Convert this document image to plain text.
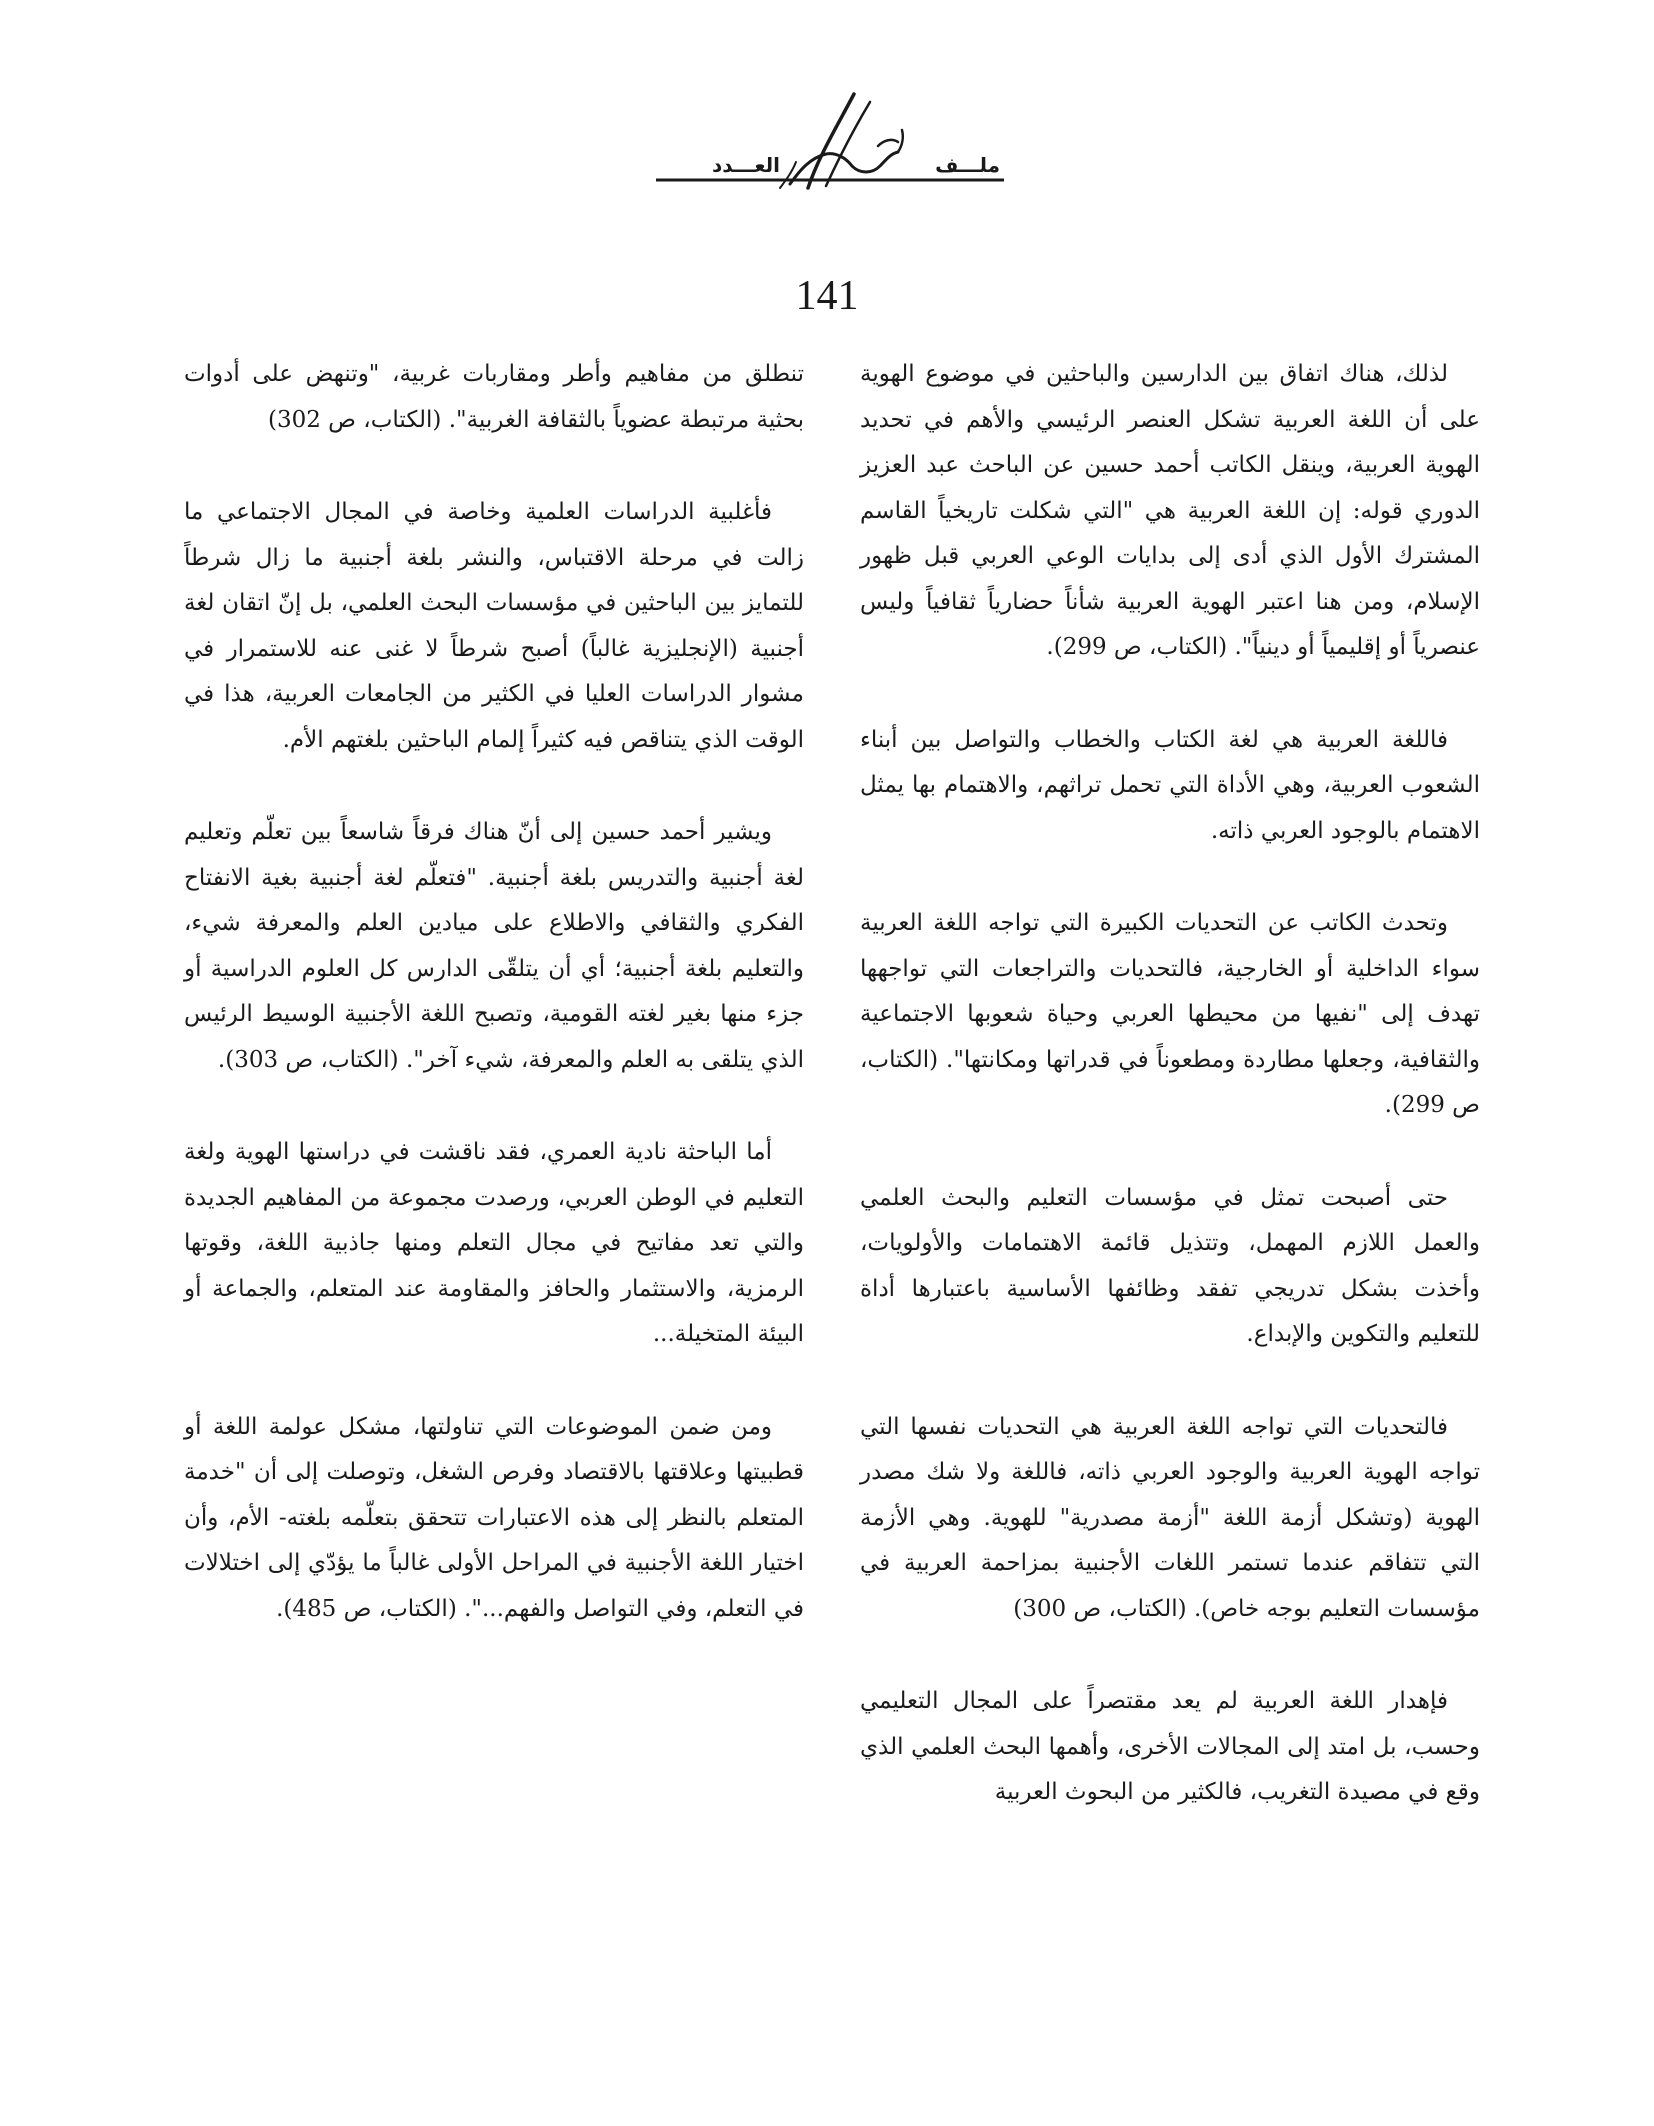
ملـــف
العـــدد
141

لذلك، هناك اتفاق بين الدارسين والباحثين في موضوع الهوية على أن اللغة العربية تشكل العنصر الرئيسي والأهم في تحديد الهوية العربية، وينقل الكاتب أحمد حسين عن الباحث عبد العزيز الدوري قوله: إن اللغة العربية هي "التي شكلت تاريخياً القاسم المشترك الأول الذي أدى إلى بدايات الوعي العربي قبل ظهور الإسلام، ومن هنا اعتبر الهوية العربية شأناً حضارياً ثقافياً وليس عنصرياً أو إقليمياً أو دينياً". (الكتاب، ص 299).

فاللغة العربية هي لغة الكتاب والخطاب والتواصل بين أبناء الشعوب العربية، وهي الأداة التي تحمل تراثهم، والاهتمام بها يمثل الاهتمام بالوجود العربي ذاته.

وتحدث الكاتب عن التحديات الكبيرة التي تواجه اللغة العربية سواء الداخلية أو الخارجية، فالتحديات والتراجعات التي تواجهها تهدف إلى "نفيها من محيطها العربي وحياة شعوبها الاجتماعية والثقافية، وجعلها مطاردة ومطعوناً في قدراتها ومكانتها". (الكتاب، ص 299).

حتى أصبحت تمثل في مؤسسات التعليم والبحث العلمي والعمل اللازم المهمل، وتتذيل قائمة الاهتمامات والأولويات، وأخذت بشكل تدريجي تفقد وظائفها الأساسية باعتبارها أداة للتعليم والتكوين والإبداع.

فالتحديات التي تواجه اللغة العربية هي التحديات نفسها التي تواجه الهوية العربية والوجود العربي ذاته، فاللغة ولا شك مصدر الهوية (وتشكل أزمة اللغة "أزمة مصدرية" للهوية. وهي الأزمة التي تتفاقم عندما تستمر اللغات الأجنبية بمزاحمة العربية في مؤسسات التعليم بوجه خاص). (الكتاب، ص 300)

فإهدار اللغة العربية لم يعد مقتصراً على المجال التعليمي وحسب، بل امتد إلى المجالات الأخرى، وأهمها البحث العلمي الذي وقع في مصيدة التغريب، فالكثير من البحوث العربية

تنطلق من مفاهيم وأطر ومقاربات غربية، "وتنهض على أدوات بحثية مرتبطة عضوياً بالثقافة الغربية". (الكتاب، ص 302)

فأغلبية الدراسات العلمية وخاصة في المجال الاجتماعي ما زالت في مرحلة الاقتباس، والنشر بلغة أجنبية ما زال شرطاً للتمايز بين الباحثين في مؤسسات البحث العلمي، بل إنّ اتقان لغة أجنبية (الإنجليزية غالباً) أصبح شرطاً لا غنى عنه للاستمرار في مشوار الدراسات العليا في الكثير من الجامعات العربية، هذا في الوقت الذي يتناقص فيه كثيراً إلمام الباحثين بلغتهم الأم.

ويشير أحمد حسين إلى أنّ هناك فرقاً شاسعاً بين تعلّم وتعليم لغة أجنبية والتدريس بلغة أجنبية. "فتعلّم لغة أجنبية بغية الانفتاح الفكري والثقافي والاطلاع على ميادين العلم والمعرفة شيء، والتعليم بلغة أجنبية؛ أي أن يتلقّى الدارس كل العلوم الدراسية أو جزء منها بغير لغته القومية، وتصبح اللغة الأجنبية الوسيط الرئيس الذي يتلقى به العلم والمعرفة، شيء آخر". (الكتاب، ص 303).

أما الباحثة نادية العمري، فقد ناقشت في دراستها الهوية ولغة التعليم في الوطن العربي، ورصدت مجموعة من المفاهيم الجديدة والتي تعد مفاتيح في مجال التعلم ومنها جاذبية اللغة، وقوتها الرمزية، والاستثمار والحافز والمقاومة عند المتعلم، والجماعة أو البيئة المتخيلة...

ومن ضمن الموضوعات التي تناولتها، مشكل عولمة اللغة أو قطبيتها وعلاقتها بالاقتصاد وفرص الشغل، وتوصلت إلى أن "خدمة المتعلم بالنظر إلى هذه الاعتبارات تتحقق بتعلّمه بلغته- الأم، وأن اختيار اللغة الأجنبية في المراحل الأولى غالباً ما يؤدّي إلى اختلالات في التعلم، وفي التواصل والفهم...". (الكتاب، ص 485).
